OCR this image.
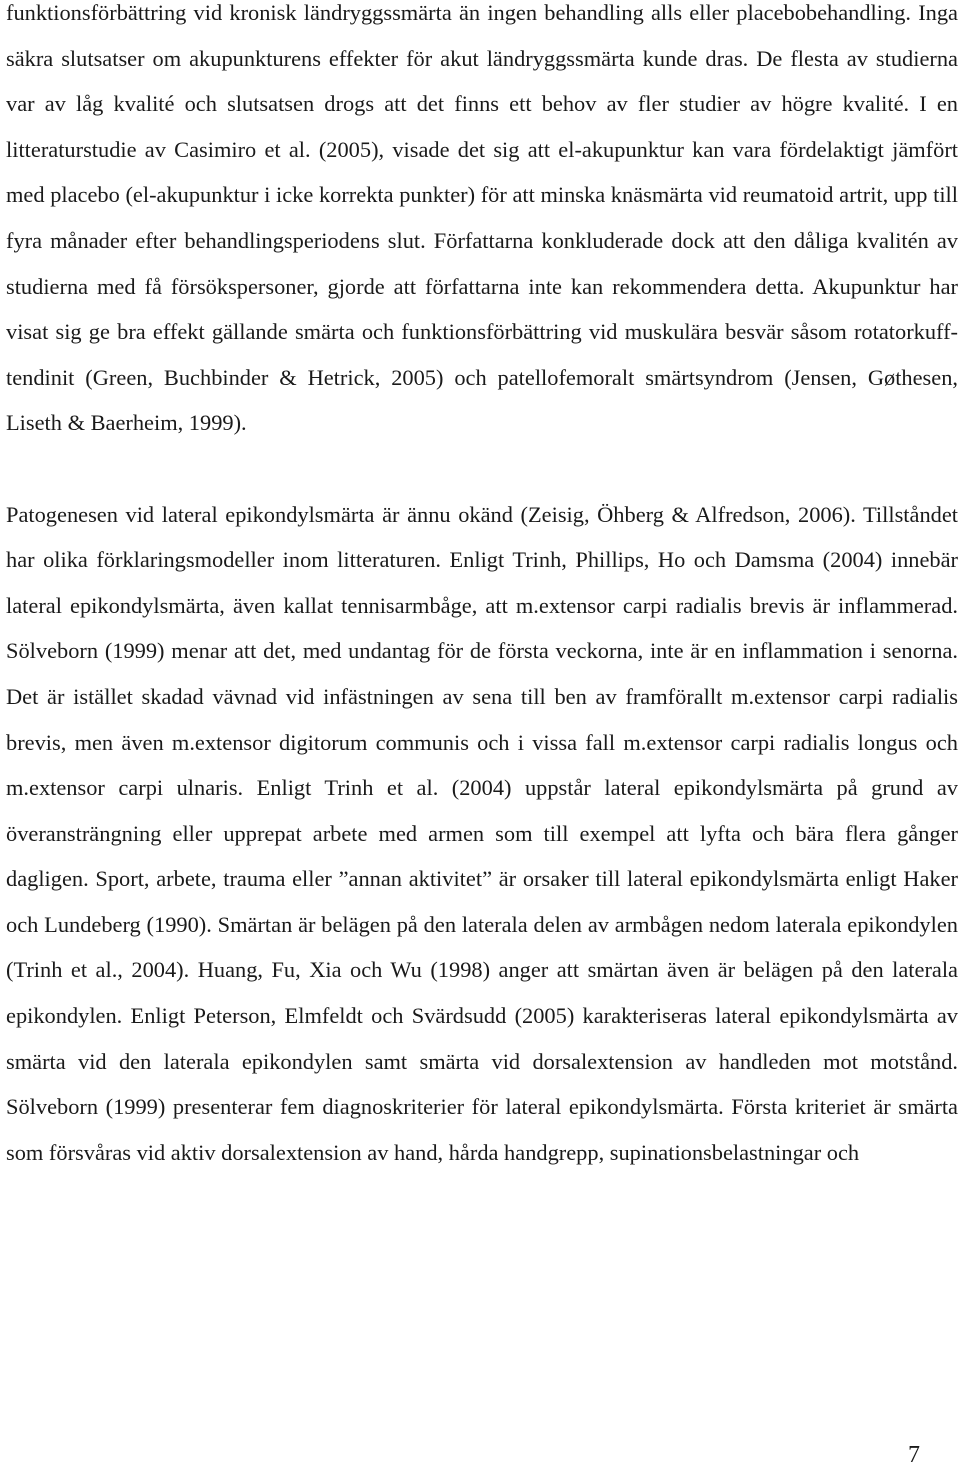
funktionsförbättring vid kronisk ländryggssmärta än ingen behandling alls eller placebobehandling. Inga säkra slutsatser om akupunkturens effekter för akut ländryggssmärta kunde dras. De flesta av studierna var av låg kvalité och slutsatsen drogs att det finns ett behov av fler studier av högre kvalité. I en litteraturstudie av Casimiro et al. (2005), visade det sig att el-akupunktur kan vara fördelaktigt jämfört med placebo (el-akupunktur i icke korrekta punkter) för att minska knäsmärta vid reumatoid artrit, upp till fyra månader efter behandlingsperiodens slut. Författarna konkluderade dock att den dåliga kvalitén av studierna med få försökspersoner, gjorde att författarna inte kan rekommendera detta. Akupunktur har visat sig ge bra effekt gällande smärta och funktionsförbättring vid muskulära besvär såsom rotatorkuff-tendinit (Green, Buchbinder & Hetrick, 2005) och patellofemoralt smärtsyndrom (Jensen, Gøthesen, Liseth & Baerheim, 1999).

Patogenesen vid lateral epikondylsmärta är ännu okänd (Zeisig, Öhberg & Alfredson, 2006). Tillståndet har olika förklaringsmodeller inom litteraturen. Enligt Trinh, Phillips, Ho och Damsma (2004) innebär lateral epikondylsmärta, även kallat tennisarmbåge, att m.extensor carpi radialis brevis är inflammerad. Sölveborn (1999) menar att det, med undantag för de första veckorna, inte är en inflammation i senorna. Det är istället skadad vävnad vid infästningen av sena till ben av framförallt m.extensor carpi radialis brevis, men även m.extensor digitorum communis och i vissa fall m.extensor carpi radialis longus och m.extensor carpi ulnaris. Enligt Trinh et al. (2004) uppstår lateral epikondylsmärta på grund av överansträngning eller upprepat arbete med armen som till exempel att lyfta och bära flera gånger dagligen. Sport, arbete, trauma eller ”annan aktivitet” är orsaker till lateral epikondylsmärta enligt Haker och Lundeberg (1990). Smärtan är belägen på den laterala delen av armbågen nedom laterala epikondylen (Trinh et al., 2004). Huang, Fu, Xia och Wu (1998) anger att smärtan även är belägen på den laterala epikondylen. Enligt Peterson, Elmfeldt och Svärdsudd (2005) karakteriseras lateral epikondylsmärta av smärta vid den laterala epikondylen samt smärta vid dorsalextension av handleden mot motstånd. Sölveborn (1999) presenterar fem diagnoskriterier för lateral epikondylsmärta. Första kriteriet är smärta som försvåras vid aktiv dorsalextension av hand, hårda handgrepp, supinationsbelastningar och

7
